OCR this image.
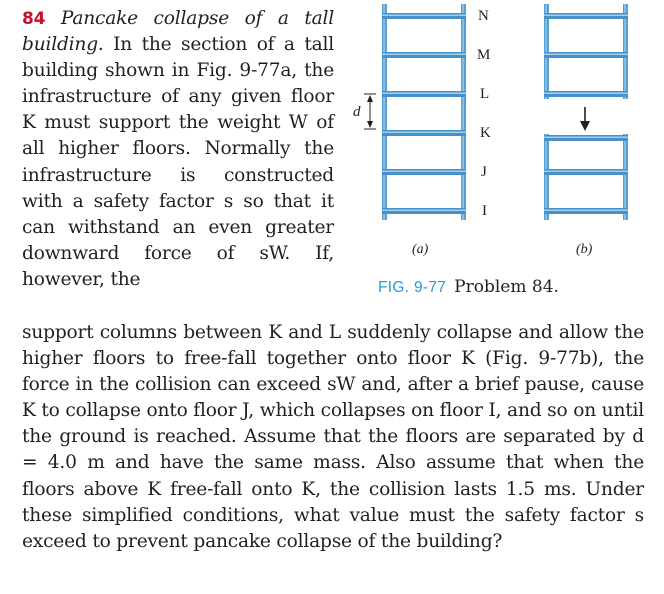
84 Pancake collapse of a tall building. In the section of a tall building shown in Fig. 9-77a, the infrastructure of any given floor K must support the weight W of all higher floors. Normally the infrastructure is constructed with a safety factor s so that it can withstand an even greater downward force of sW. If, however, the
support columns between K and L suddenly collapse and allow the higher floors to free-fall together onto floor K (Fig. 9-77b), the force in the collision can exceed sW and, after a brief pause, cause K to collapse onto floor J, which collapses on floor I, and so on until the ground is reached. Assume that the floors are separated by d = 4.0 m and have the same mass. Also assume that when the floors above K free-fall onto K, the collision lasts 1.5 ms. Under these simplified conditions, what value must the safety factor s exceed to prevent pancake collapse of the building?
N
M
L
K
J
I
d
(a)	(b)
FIG. 9-77 Problem 84.
